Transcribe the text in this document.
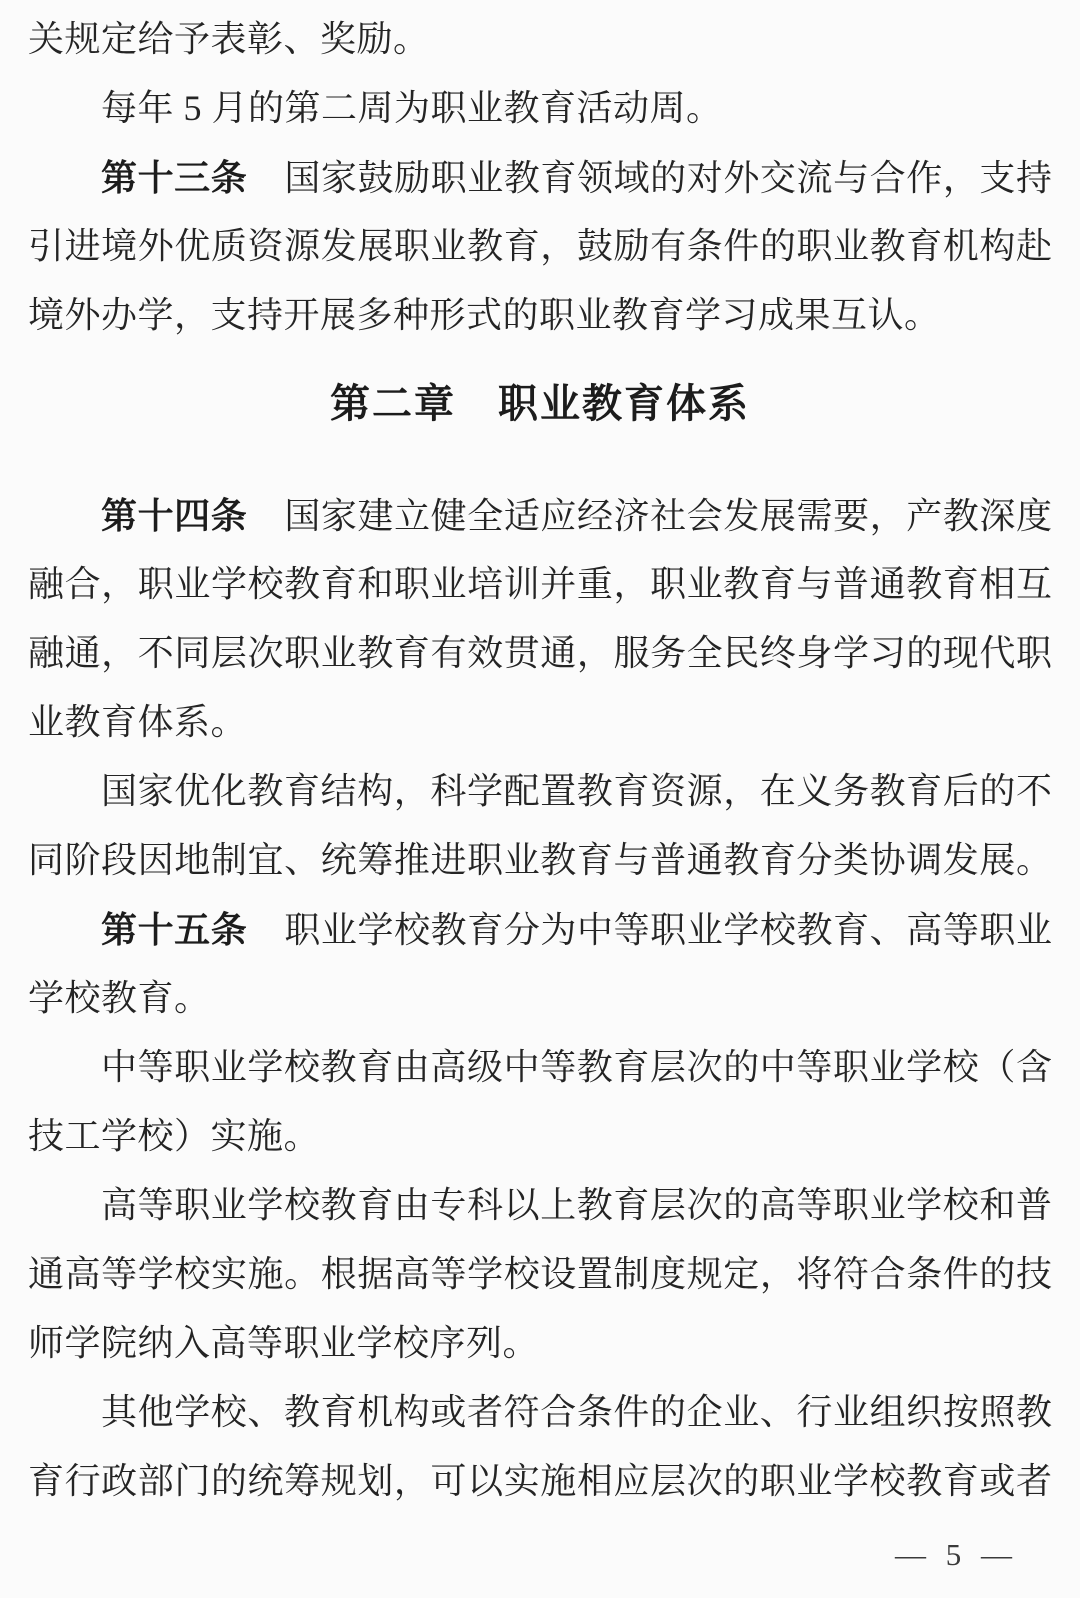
关规定给予表彰、奖励。
每年 5 月的第二周为职业教育活动周。
第十三条 国家鼓励职业教育领域的对外交流与合作，支持
引进境外优质资源发展职业教育，鼓励有条件的职业教育机构赴
境外办学，支持开展多种形式的职业教育学习成果互认。
第二章　职业教育体系
第十四条 国家建立健全适应经济社会发展需要，产教深度
融合，职业学校教育和职业培训并重，职业教育与普通教育相互
融通，不同层次职业教育有效贯通，服务全民终身学习的现代职
业教育体系。
国家优化教育结构，科学配置教育资源，在义务教育后的不
同阶段因地制宜、统筹推进职业教育与普通教育分类协调发展。
第十五条 职业学校教育分为中等职业学校教育、高等职业
学校教育。
中等职业学校教育由高级中等教育层次的中等职业学校（含
技工学校）实施。
高等职业学校教育由专科以上教育层次的高等职业学校和普
通高等学校实施。根据高等学校设置制度规定，将符合条件的技
师学院纳入高等职业学校序列。
其他学校、教育机构或者符合条件的企业、行业组织按照教
育行政部门的统筹规划，可以实施相应层次的职业学校教育或者
— 5 —
